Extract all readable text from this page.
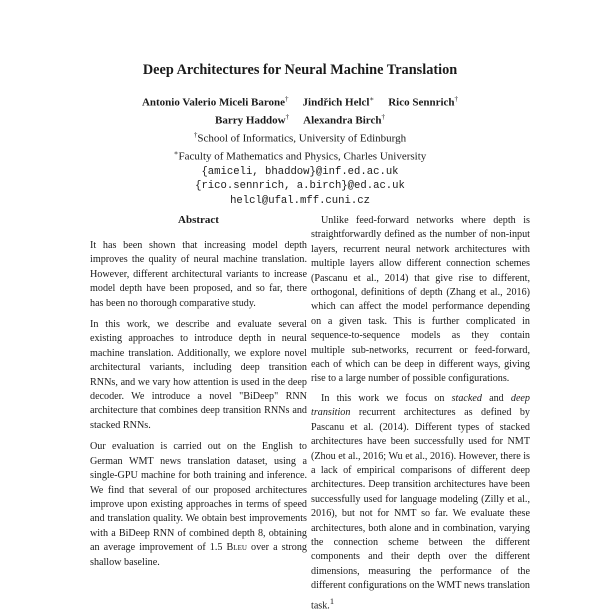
Deep Architectures for Neural Machine Translation
Antonio Valerio Miceli Barone† Jindřich Helcl∗ Rico Sennrich†
Barry Haddow† Alexandra Birch†
†School of Informatics, University of Edinburgh
∗Faculty of Mathematics and Physics, Charles University
{amiceli, bhaddow}@inf.ed.ac.uk
{rico.sennrich, a.birch}@ed.ac.uk
helcl@ufal.mff.cuni.cz
Abstract

It has been shown that increasing model depth improves the quality of neural machine translation. However, different architectural variants to increase model depth have been proposed, and so far, there has been no thorough comparative study.

In this work, we describe and evaluate several existing approaches to introduce depth in neural machine translation. Additionally, we explore novel architectural variants, including deep transition RNNs, and we vary how attention is used in the deep decoder. We introduce a novel "BiDeep" RNN architecture that combines deep transition RNNs and stacked RNNs.

Our evaluation is carried out on the English to German WMT news translation dataset, using a single-GPU machine for both training and inference. We find that several of our proposed architectures improve upon existing approaches in terms of speed and translation quality. We obtain best improvements with a BiDeep RNN of combined depth 8, obtaining an average improvement of 1.5 Bleu over a strong shallow baseline.

Unlike feed-forward networks where depth is straightforwardly defined as the number of non-input layers, recurrent neural network architectures with multiple layers allow different connection schemes (Pascanu et al., 2014) that give rise to different, orthogonal, definitions of depth (Zhang et al., 2016) which can affect the model performance depending on a given task. This is further complicated in sequence-to-sequence models as they contain multiple sub-networks, recurrent or feed-forward, each of which can be deep in different ways, giving rise to a large number of possible configurations.

In this work we focus on stacked and deep transition recurrent architectures as defined by Pascanu et al. (2014). Different types of stacked architectures have been successfully used for NMT (Zhou et al., 2016; Wu et al., 2016). However, there is a lack of empirical comparisons of different deep architectures. Deep transition architectures have been successfully used for language modeling (Zilly et al., 2016), but not for NMT so far. We evaluate these architectures, both alone and in combination, varying the connection scheme between the different components and their depth over the different dimensions, measuring the performance of the different configurations on the WMT news translation task.$^1$
